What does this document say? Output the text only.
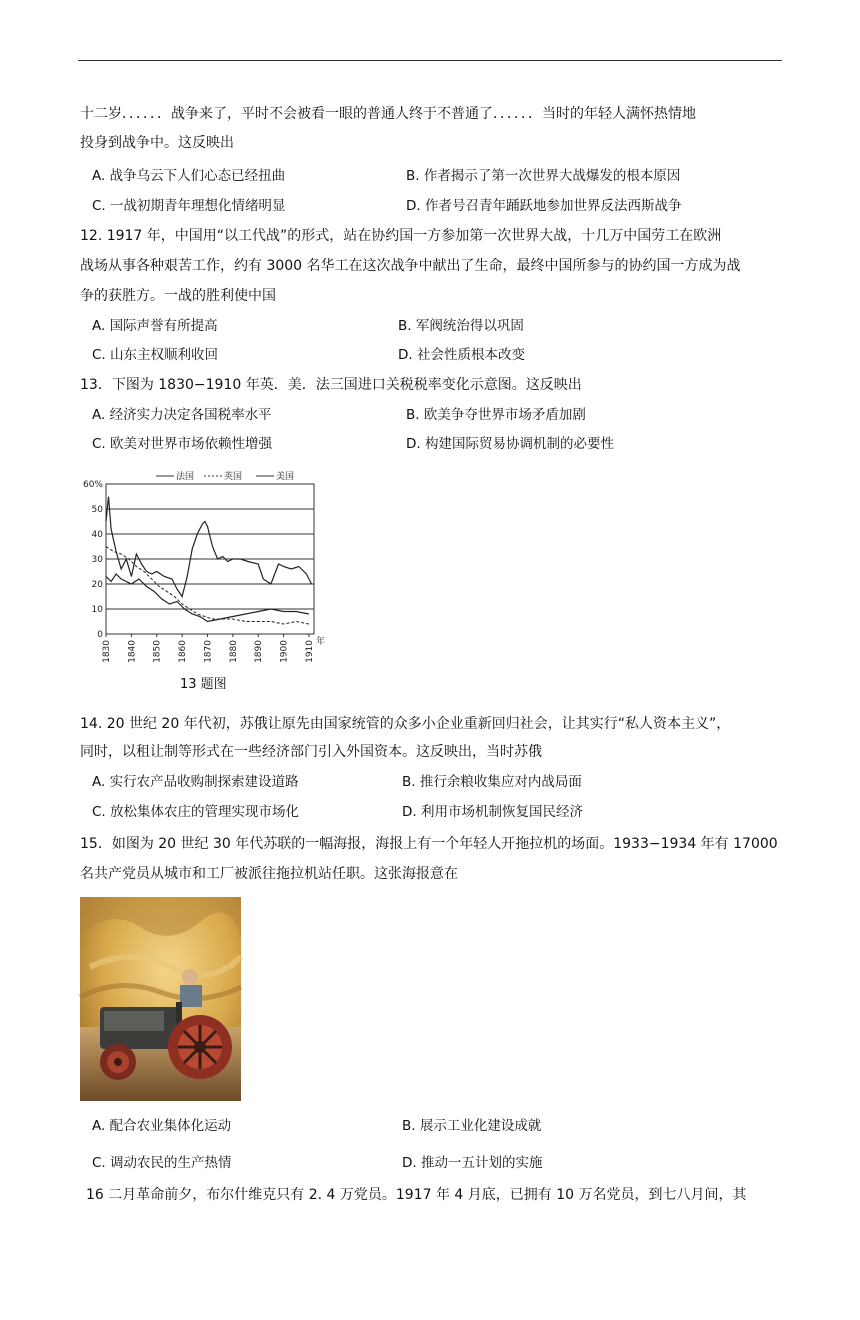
十二岁．．．．．．战争来了，平时不会被看一眼的普通人终于不普通了．．．．．．当时的年轻人满怀热情地
投身到战争中。这反映出
A. 战争乌云下人们心态已经扭曲	B. 作者揭示了第一次世界大战爆发的根本原因
C. 一战初期青年理想化情绪明显	D. 作者号召青年踊跃地参加世界反法西斯战争
12. 1917 年，中国用“以工代战”的形式，站在协约国一方参加第一次世界大战，十几万中国劳工在欧洲
战场从事各种艰苦工作，约有 3000 名华工在这次战争中献出了生命，最终中国所参与的协约国一方成为战
争的获胜方。一战的胜利使中国
A. 国际声誉有所提高	B. 军阀统治得以巩固
C. 山东主权顺利收回	D. 社会性质根本改变
13．下图为 1830−1910 年英．美．法三国进口关税税率变化示意图。这反映出
A. 经济实力决定各国税率水平	B. 欧美争夺世界市场矛盾加剧
C. 欧美对世界市场依赖性增强	D. 构建国际贸易协调机制的必要性
0
10
20
30
40
50
60%
1830 1840 1850 1860 1870 1880 1890 1900 1910 年
法国	英国	美国
13 题图
14. 20 世纪 20 年代初，苏俄让原先由国家统管的众多小企业重新回归社会，让其实行“私人资本主义”，
同时，以租让制等形式在一些经济部门引入外国资本。这反映出，当时苏俄
A. 实行农产品收购制探索建设道路	B. 推行余粮收集应对内战局面
C. 放松集体农庄的管理实现市场化	D. 利用市场机制恢复国民经济
15．如图为 20 世纪 30 年代苏联的一幅海报，海报上有一个年轻人开拖拉机的场面。1933−1934 年有 17000
名共产党员从城市和工厂被派往拖拉机站任职。这张海报意在
A. 配合农业集体化运动	B. 展示工业化建设成就
C. 调动农民的生产热情	D. 推动一五计划的实施
16 二月革命前夕，布尔什维克只有 2. 4 万党员。1917 年 4 月底，已拥有 10 万名党员，到七八月间，其
